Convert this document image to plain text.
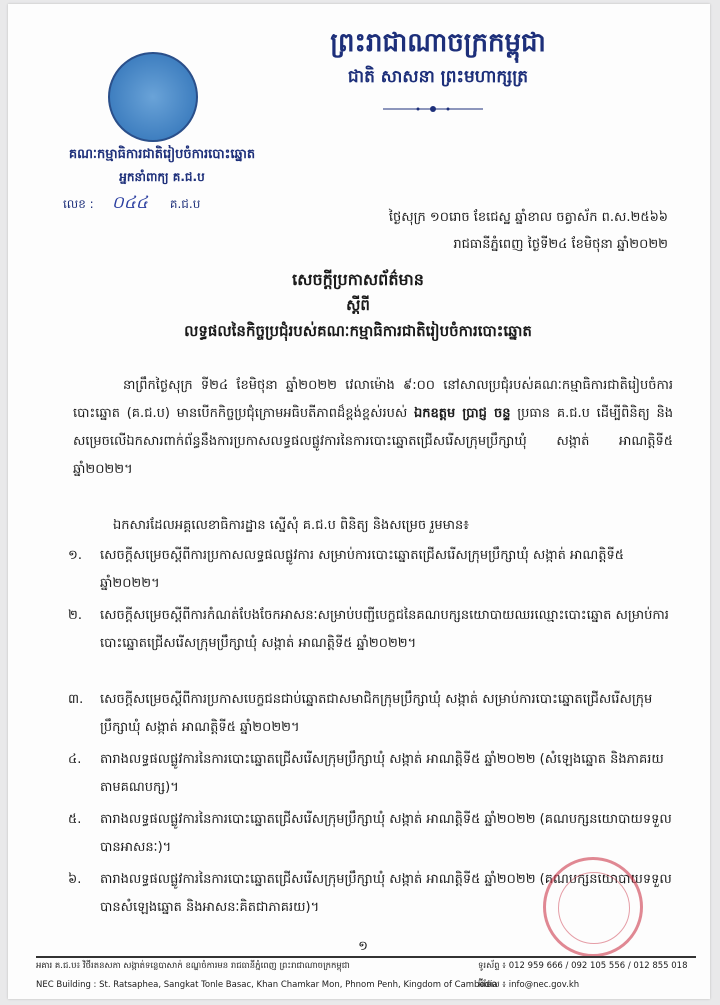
ព្រះរាជាណាចក្រកម្ពុជា
ជាតិ សាសនា ព្រះមហាក្សត្រ
គណៈកម្មាធិការជាតិរៀបចំការបោះឆ្នោត
អ្នកនាំពាក្យ គ.ជ.ប
លេខ : ០៤៤ គ.ជ.ប
ថ្ងៃសុក្រ ១០រោច ខែជេស្ឋ ឆ្នាំខាល ចត្វាស័ក ព.ស.២៥៦៦
រាជធានីភ្នំពេញ ថ្ងៃទី២៤ ខែមិថុនា ឆ្នាំ២០២២
សេចក្ដីប្រកាសព័ត៌មាន
ស្ដីពី
លទ្ធផលនៃកិច្ចប្រជុំរបស់គណៈកម្មាធិការជាតិរៀបចំការបោះឆ្នោត
នាព្រឹកថ្ងៃសុក្រ ទី២៤ ខែមិថុនា ឆ្នាំ២០២២ វេលាម៉ោង ៩:០០ នៅសាលប្រជុំរបស់គណៈកម្មាធិការជាតិរៀបចំការបោះឆ្នោត (គ.ជ.ប) មានបើកកិច្ចប្រជុំក្រោមអធិបតីភាពដ៏ខ្ពង់ខ្ពស់របស់ ឯកឧត្តម ប្រាជ្ញ ចន្ទ ប្រធាន គ.ជ.ប ដើម្បីពិនិត្យ និងសម្រេចលើឯកសារពាក់ព័ន្ធនឹងការប្រកាសលទ្ធផលផ្លូវការនៃការបោះឆ្នោតជ្រើសរើសក្រុមប្រឹក្សាឃុំ សង្កាត់ អាណត្តិទី៥ ឆ្នាំ២០២២។
ឯកសារដែលអគ្គលេខាធិការដ្ឋាន ស្នើសុំ គ.ជ.ប ពិនិត្យ និងសម្រេច រួមមាន៖
១.	សេចក្ដីសម្រេចស្ដីពីការប្រកាសលទ្ធផលផ្លូវការ សម្រាប់ការបោះឆ្នោតជ្រើសរើសក្រុមប្រឹក្សាឃុំ សង្កាត់ អាណត្តិទី៥ ឆ្នាំ២០២២។
២.	សេចក្ដីសម្រេចស្ដីពីការកំណត់បែងចែកអាសនៈសម្រាប់បញ្ជីបេក្ខជនៃគណបក្សនយោបាយឈរឈ្មោះបោះឆ្នោត សម្រាប់ការបោះឆ្នោតជ្រើសរើសក្រុមប្រឹក្សាឃុំ សង្កាត់ អាណត្តិទី៥ ឆ្នាំ២០២២។
៣.	សេចក្ដីសម្រេចស្ដីពីការប្រកាសបេក្ខជនជាប់ឆ្នោតជាសមាជិកក្រុមប្រឹក្សាឃុំ សង្កាត់ សម្រាប់ការបោះឆ្នោតជ្រើសរើសក្រុមប្រឹក្សាឃុំ សង្កាត់ អាណត្តិទី៥ ឆ្នាំ២០២២។
៤.	តារាងលទ្ធផលផ្លូវការនៃការបោះឆ្នោតជ្រើសរើសក្រុមប្រឹក្សាឃុំ សង្កាត់ អាណត្តិទី៥ ឆ្នាំ២០២២ (សំឡេងឆ្នោត និងភាគរយតាមគណបក្ស)។
៥.	តារាងលទ្ធផលផ្លូវការនៃការបោះឆ្នោតជ្រើសរើសក្រុមប្រឹក្សាឃុំ សង្កាត់ អាណត្តិទី៥ ឆ្នាំ២០២២ (គណបក្សនយោបាយទទួលបានអាសនៈ)។
៦.	តារាងលទ្ធផលផ្លូវការនៃការបោះឆ្នោតជ្រើសរើសក្រុមប្រឹក្សាឃុំ សង្កាត់ អាណត្តិទី៥ ឆ្នាំ២០២២ (គណបក្សនយោបាយទទួលបានសំឡេងឆ្នោត និងអាសនៈគិតជាភាគរយ)។
១
អគារ គ.ជ.ប៖ វិថីរតនសភា សង្កាត់ទន្លេបាសាក់ ខណ្ឌចំការមន រាជធានីភ្នំពេញ ព្រះរាជាណាចក្រកម្ពុជា
NEC Building : St. Ratsaphea, Sangkat Tonle Basac, Khan Chamkar Mon, Phnom Penh, Kingdom of Cambodia
ទូរស័ព្ទ ៖ 012 959 666 / 092 105 556 / 012 855 018
អ៊ីមែល ៖ info@nec.gov.kh
